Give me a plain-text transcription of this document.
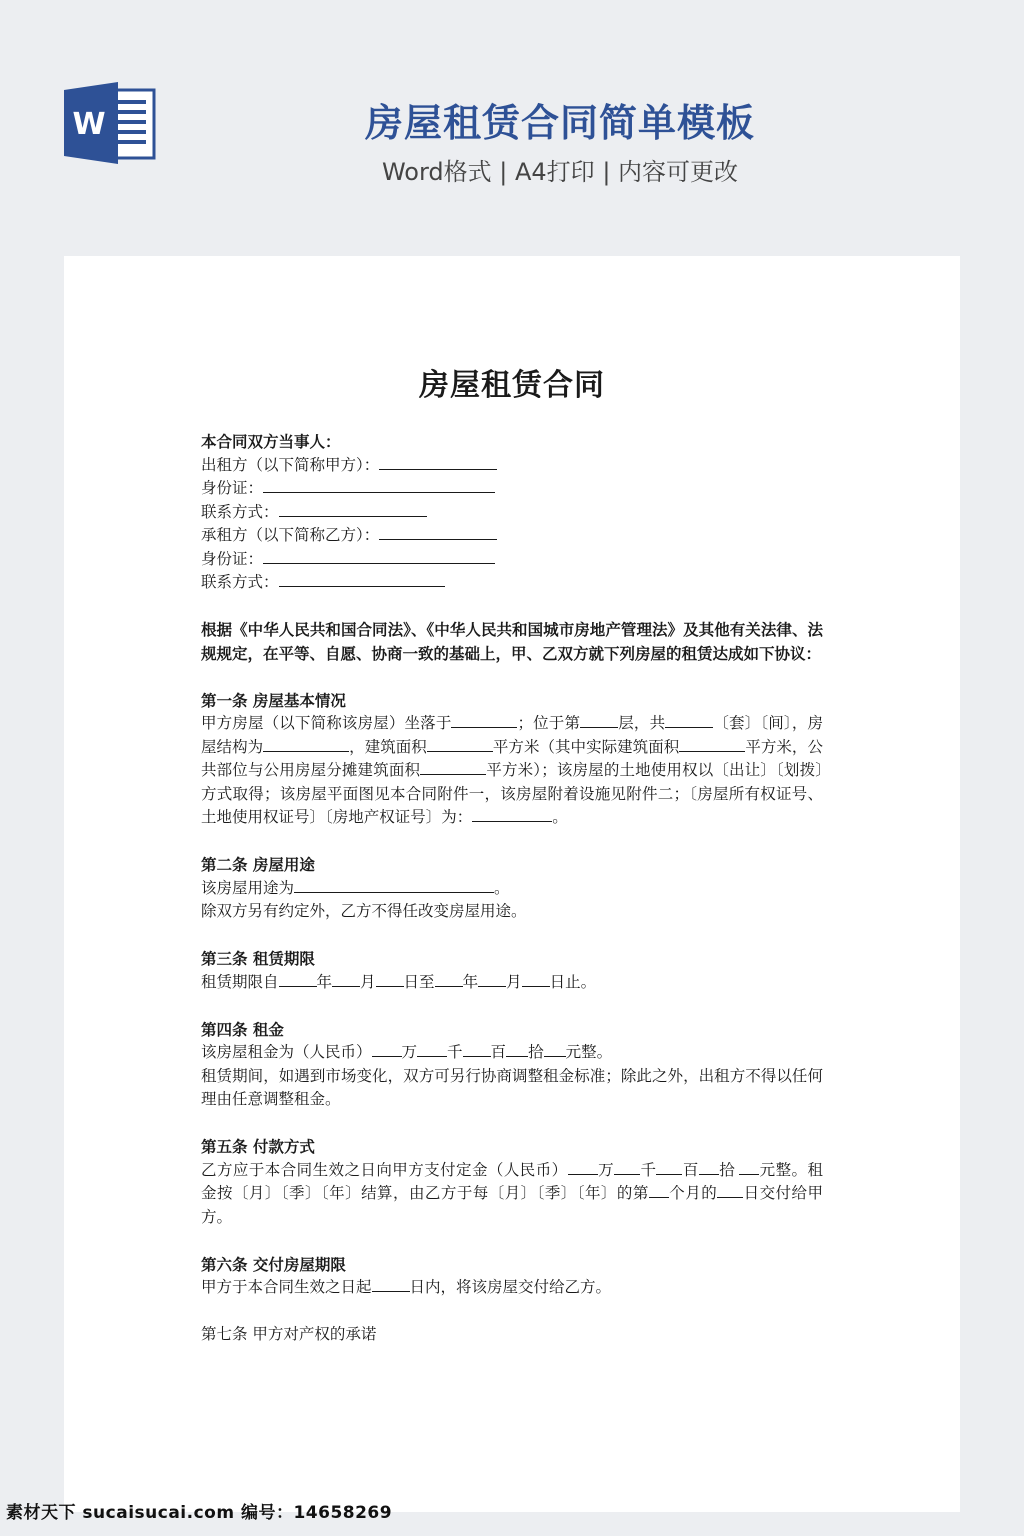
W	房屋租赁合同简单模板
Word格式 | A4打印 | 内容可更改
房屋租赁合同

本合同双方当事人：

出租方（以下简称甲方）：

身份证：

联系方式：

承租方（以下简称乙方）：

身份证：

联系方式：

根据《中华人民共和国合同法》、《中华人民共和国城市房地产管理法》及其他有关法律、法规规定，在平等、自愿、协商一致的基础上，甲、乙双方就下列房屋的租赁达成如下协议：

第一条 房屋基本情况

甲方房屋（以下简称该房屋）坐落于	；位于第 层，共	〔套〕〔间〕，房屋结构为	，建筑面积	平方米（其中实际建筑面积	平方米，公共部位与公用房屋分摊建筑面积	平方米）；该房屋的土地使用权以〔出让〕〔划拨〕方式取得；该房屋平面图见本合同附件一，该房屋附着设施见附件二；〔房屋所有权证号、土地使用权证号〕〔房地产权证号〕为：	。

第二条 房屋用途

该房屋用途为	。

除双方另有约定外，乙方不得任改变房屋用途。

第三条 租赁期限

租赁期限自 年 月 日至 年 月 日止。

第四条 租金

该房屋租金为（人民币） 万 千 百 拾 元整。

租赁期间，如遇到市场变化，双方可另行协商调整租金标准；除此之外，出租方不得以任何理由任意调整租金。

第五条 付款方式

乙方应于本合同生效之日向甲方支付定金（人民币） 万 千 百 拾 元整。租金按〔月〕〔季〕〔年〕结算，由乙方于每〔月〕〔季〕〔年〕的第 个月的 日交付给甲方。

第六条 交付房屋期限

甲方于本合同生效之日起 日内，将该房屋交付给乙方。

第七条 甲方对产权的承诺

素材天下 sucaisucai.com 编号：14658269
